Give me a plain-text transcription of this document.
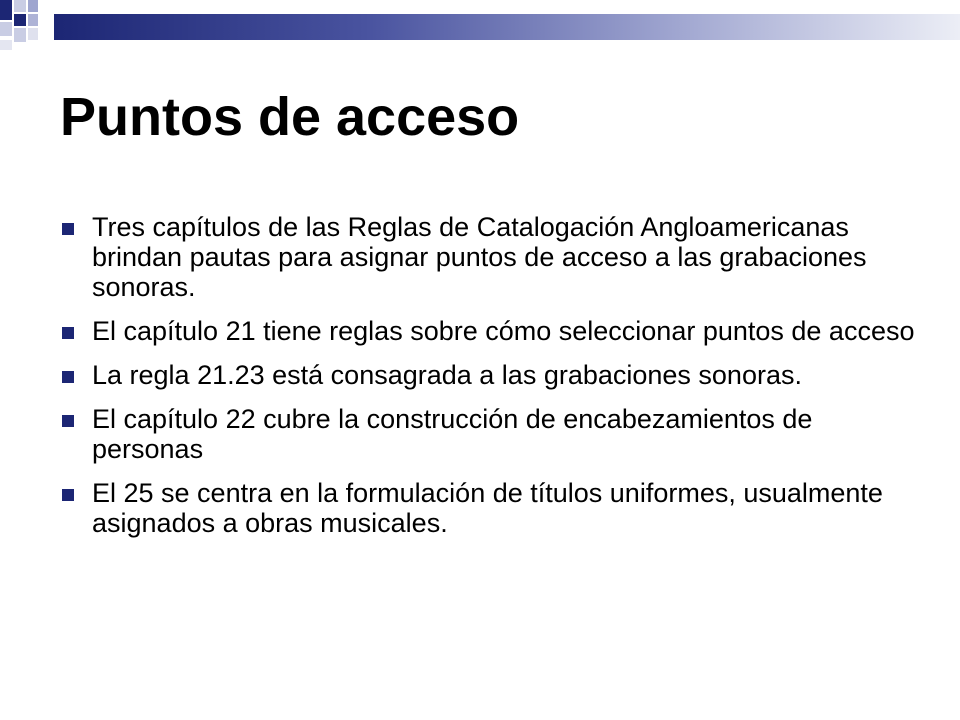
Puntos de acceso
Tres capítulos de las Reglas de Catalogación Angloamericanas brindan pautas para asignar puntos de acceso a las grabaciones sonoras.
El capítulo 21 tiene reglas sobre cómo seleccionar puntos de acceso
La regla 21.23 está consagrada a las grabaciones sonoras.
El capítulo 22 cubre la construcción de encabezamientos de personas
El 25 se centra en la formulación de títulos uniformes, usualmente asignados a obras musicales.
